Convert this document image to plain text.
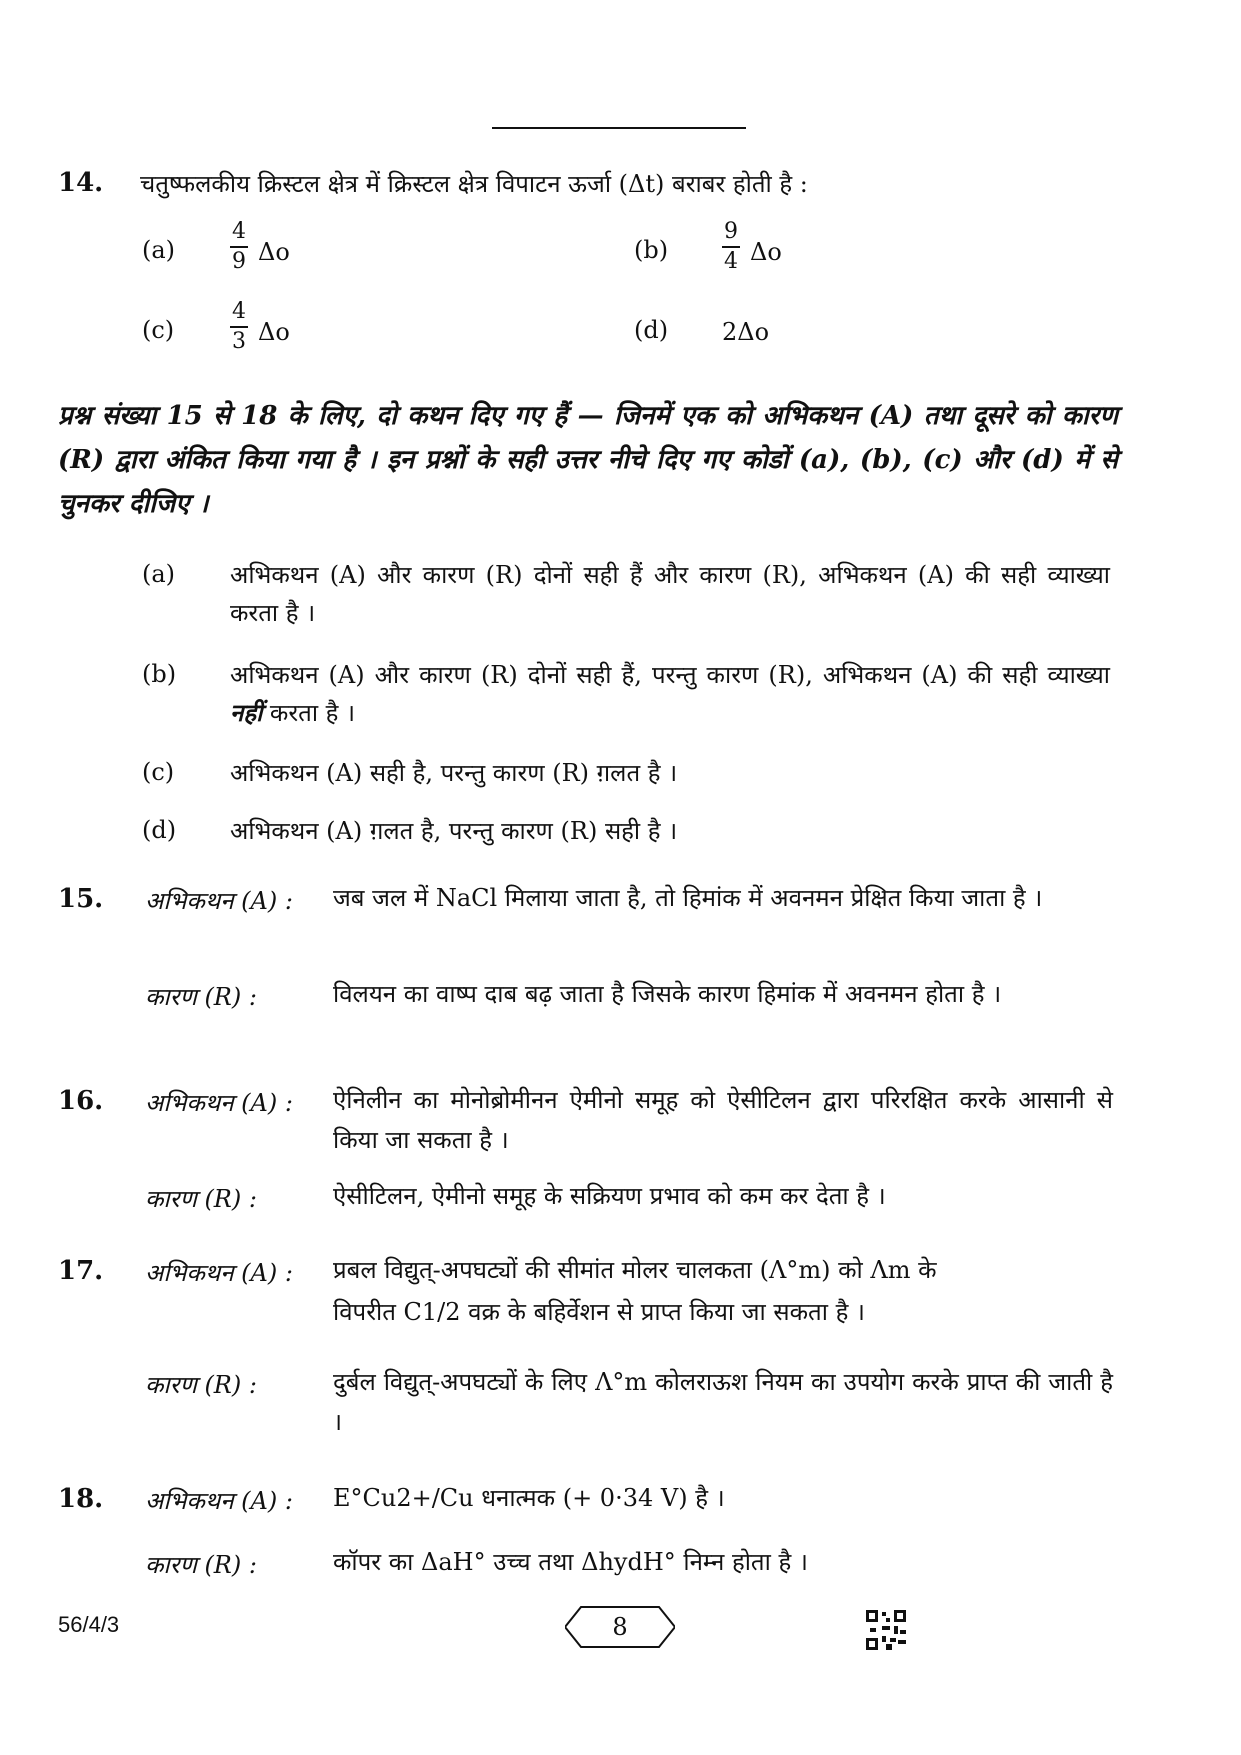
14. चतुष्फलकीय क्रिस्टल क्षेत्र में क्रिस्टल क्षेत्र विपाटन ऊर्जा (Δt) बराबर होती है :
$(a) \frac{4}{9}$ Δo	$(b) \frac{9}{4}$ Δo
(c)	$\frac{4}{3}$ Δo	(d) 2Δo
प्रश्न संख्या 15 से 18 के लिए, दो कथन दिए गए हैं — जिनमें एक को अभिकथन (A) तथा दूसरे को कारण (R) द्वारा अंकित किया गया है । इन प्रश्नों के सही उत्तर नीचे दिए गए कोडों (a), (b), (c) और (d) में से चुनकर दीजिए ।
(a) अभिकथन (A) और कारण (R) दोनों सही हैं और कारण (R), अभिकथन (A) की सही व्याख्या करता है ।
(b) अभिकथन (A) और कारण (R) दोनों सही हैं, परन्तु कारण (R), अभिकथन (A) की सही व्याख्या नहीं करता है ।
(c) अभिकथन (A) सही है, परन्तु कारण (R) ग़लत है ।
(d) अभिकथन (A) ग़लत है, परन्तु कारण (R) सही है ।
15. अभिकथन (A) : जब जल में NaCl मिलाया जाता है, तो हिमांक में अवनमन प्रेक्षित किया जाता है ।
कारण (R) :	विलयन का वाष्प दाब बढ़ जाता है जिसके कारण हिमांक में अवनमन होता है ।
16. अभिकथन (A) : ऐनिलीन का मोनोब्रोमीनन ऐमीनो समूह को ऐसीटिलन द्वारा परिरक्षित करके आसानी से किया जा सकता है ।
कारण (R) :	ऐसीटिलन, ऐमीनो समूह के सक्रियण प्रभाव को कम कर देता है ।
17. अभिकथन (A) : प्रबल विद्युत्-अपघट्यों की सीमांत मोलर चालकता (Λ°m) को Λm के
विपरीत C1/2 वक्र के बहिर्वेशन से प्राप्त किया जा सकता है ।
कारण (R) :	दुर्बल विद्युत्-अपघट्यों के लिए Λ°m कोलराऊश नियम का उपयोग करके प्राप्त की जाती है ।
18. अभिकथन (A) : E°Cu2+/Cu धनात्मक (+ 0·34 V) है ।
कारण (R) :	कॉपर का ΔaH° उच्च तथा ΔhydH° निम्न होता है ।
56/4/3	8
